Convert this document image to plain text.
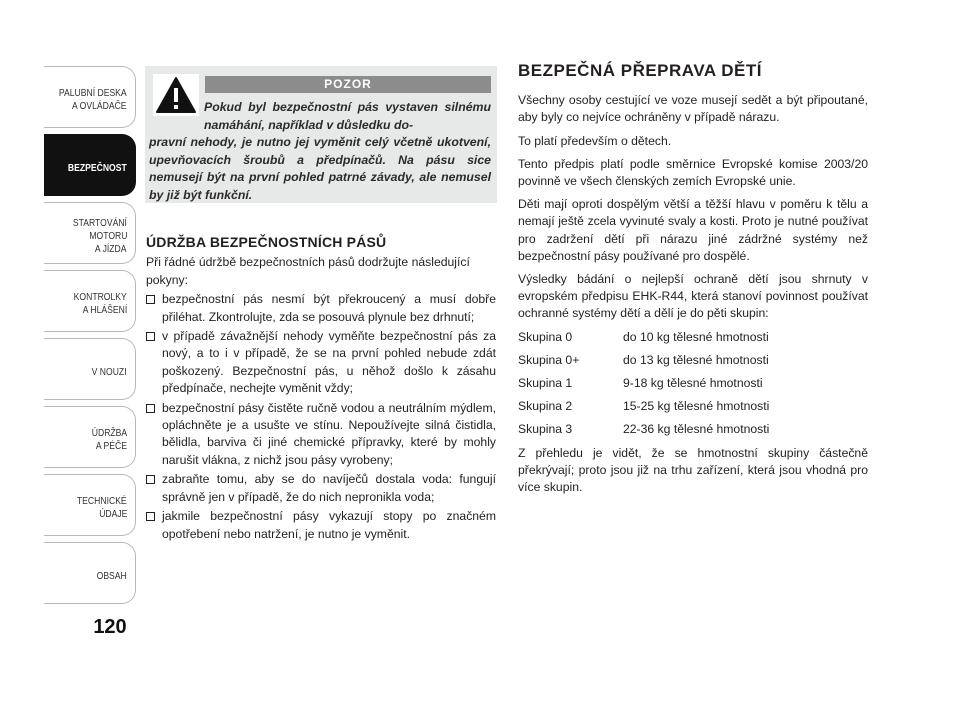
PALUBNÍ DESKA
A OVLÁDAČE
BEZPEČNOST
STARTOVÁNÍ
MOTORU
A JÍZDA
KONTROLKY
A HLÁŠENÍ
V NOUZI
ÚDRŽBA
A PÉČE
TECHNICKÉ
ÚDAJE
OBSAH
120
POZOR
Pokud byl bezpečnostní pás vystaven silnému namáhání, například v důsledku do-
pravní nehody, je nutno jej vyměnit celý včetně ukotvení, upevňovacích šroubů a předpínačů. Na pásu sice nemusejí být na první pohled patrné závady, ale nemusel by již být funkční.
ÚDRŽBA BEZPEČNOSTNÍCH PÁSŮ
Při řádné údržbě bezpečnostních pásů dodržujte následující pokyny:
bezpečnostní pás nesmí být překroucený a musí dobře přiléhat. Zkontrolujte, zda se posouvá plynule bez drhnutí;
v případě závažnější nehody vyměňte bezpečnostní pás za nový, a to i v případě, že se na první pohled nebude zdát poškozený. Bezpečnostní pás, u něhož došlo k zásahu předpínače, nechejte vyměnit vždy;
bezpečnostní pásy čistěte ručně vodou a neutrálním mýdlem, opláchněte je a usušte ve stínu. Nepoužívejte silná čistidla, bělidla, barviva či jiné chemické přípravky, které by mohly narušit vlákna, z nichž jsou pásy vyrobeny;
zabraňte tomu, aby se do navíječů dostala voda: fungují správně jen v případě, že do nich nepronikla voda;
jakmile bezpečnostní pásy vykazují stopy po značném opotřebení nebo natržení, je nutno je vyměnit.
BEZPEČNÁ PŘEPRAVA DĚTÍ

Všechny osoby cestující ve voze musejí sedět a být připoutané, aby byly co nejvíce ochráněny v případě nárazu.

To platí především o dětech.

Tento předpis platí podle směrnice Evropské komise 2003/20 povinně ve všech členských zemích Evropské unie.

Děti mají oproti dospělým větší a těžší hlavu v poměru k tělu a nemají ještě zcela vyvinuté svaly a kosti. Proto je nutné používat pro zadržení dětí při nárazu jiné zádržné systémy než bezpečnostní pásy používané pro dospělé.

Výsledky bádání o nejlepší ochraně dětí jsou shrnuty v evropském předpisu EHK-R44, která stanoví povinnost používat ochranné systémy dětí a dělí je do pěti skupin:

Skupina 0	do 10 kg tělesné hmotnosti
Skupina 0+	do 13 kg tělesné hmotnosti
Skupina 1	9-18 kg tělesné hmotnosti
Skupina 2	15-25 kg tělesné hmotnosti
Skupina 3	22-36 kg tělesné hmotnosti

Z přehledu je vidět, že se hmotnostní skupiny částečně překrývají; proto jsou již na trhu zařízení, která jsou vhodná pro více skupin.
